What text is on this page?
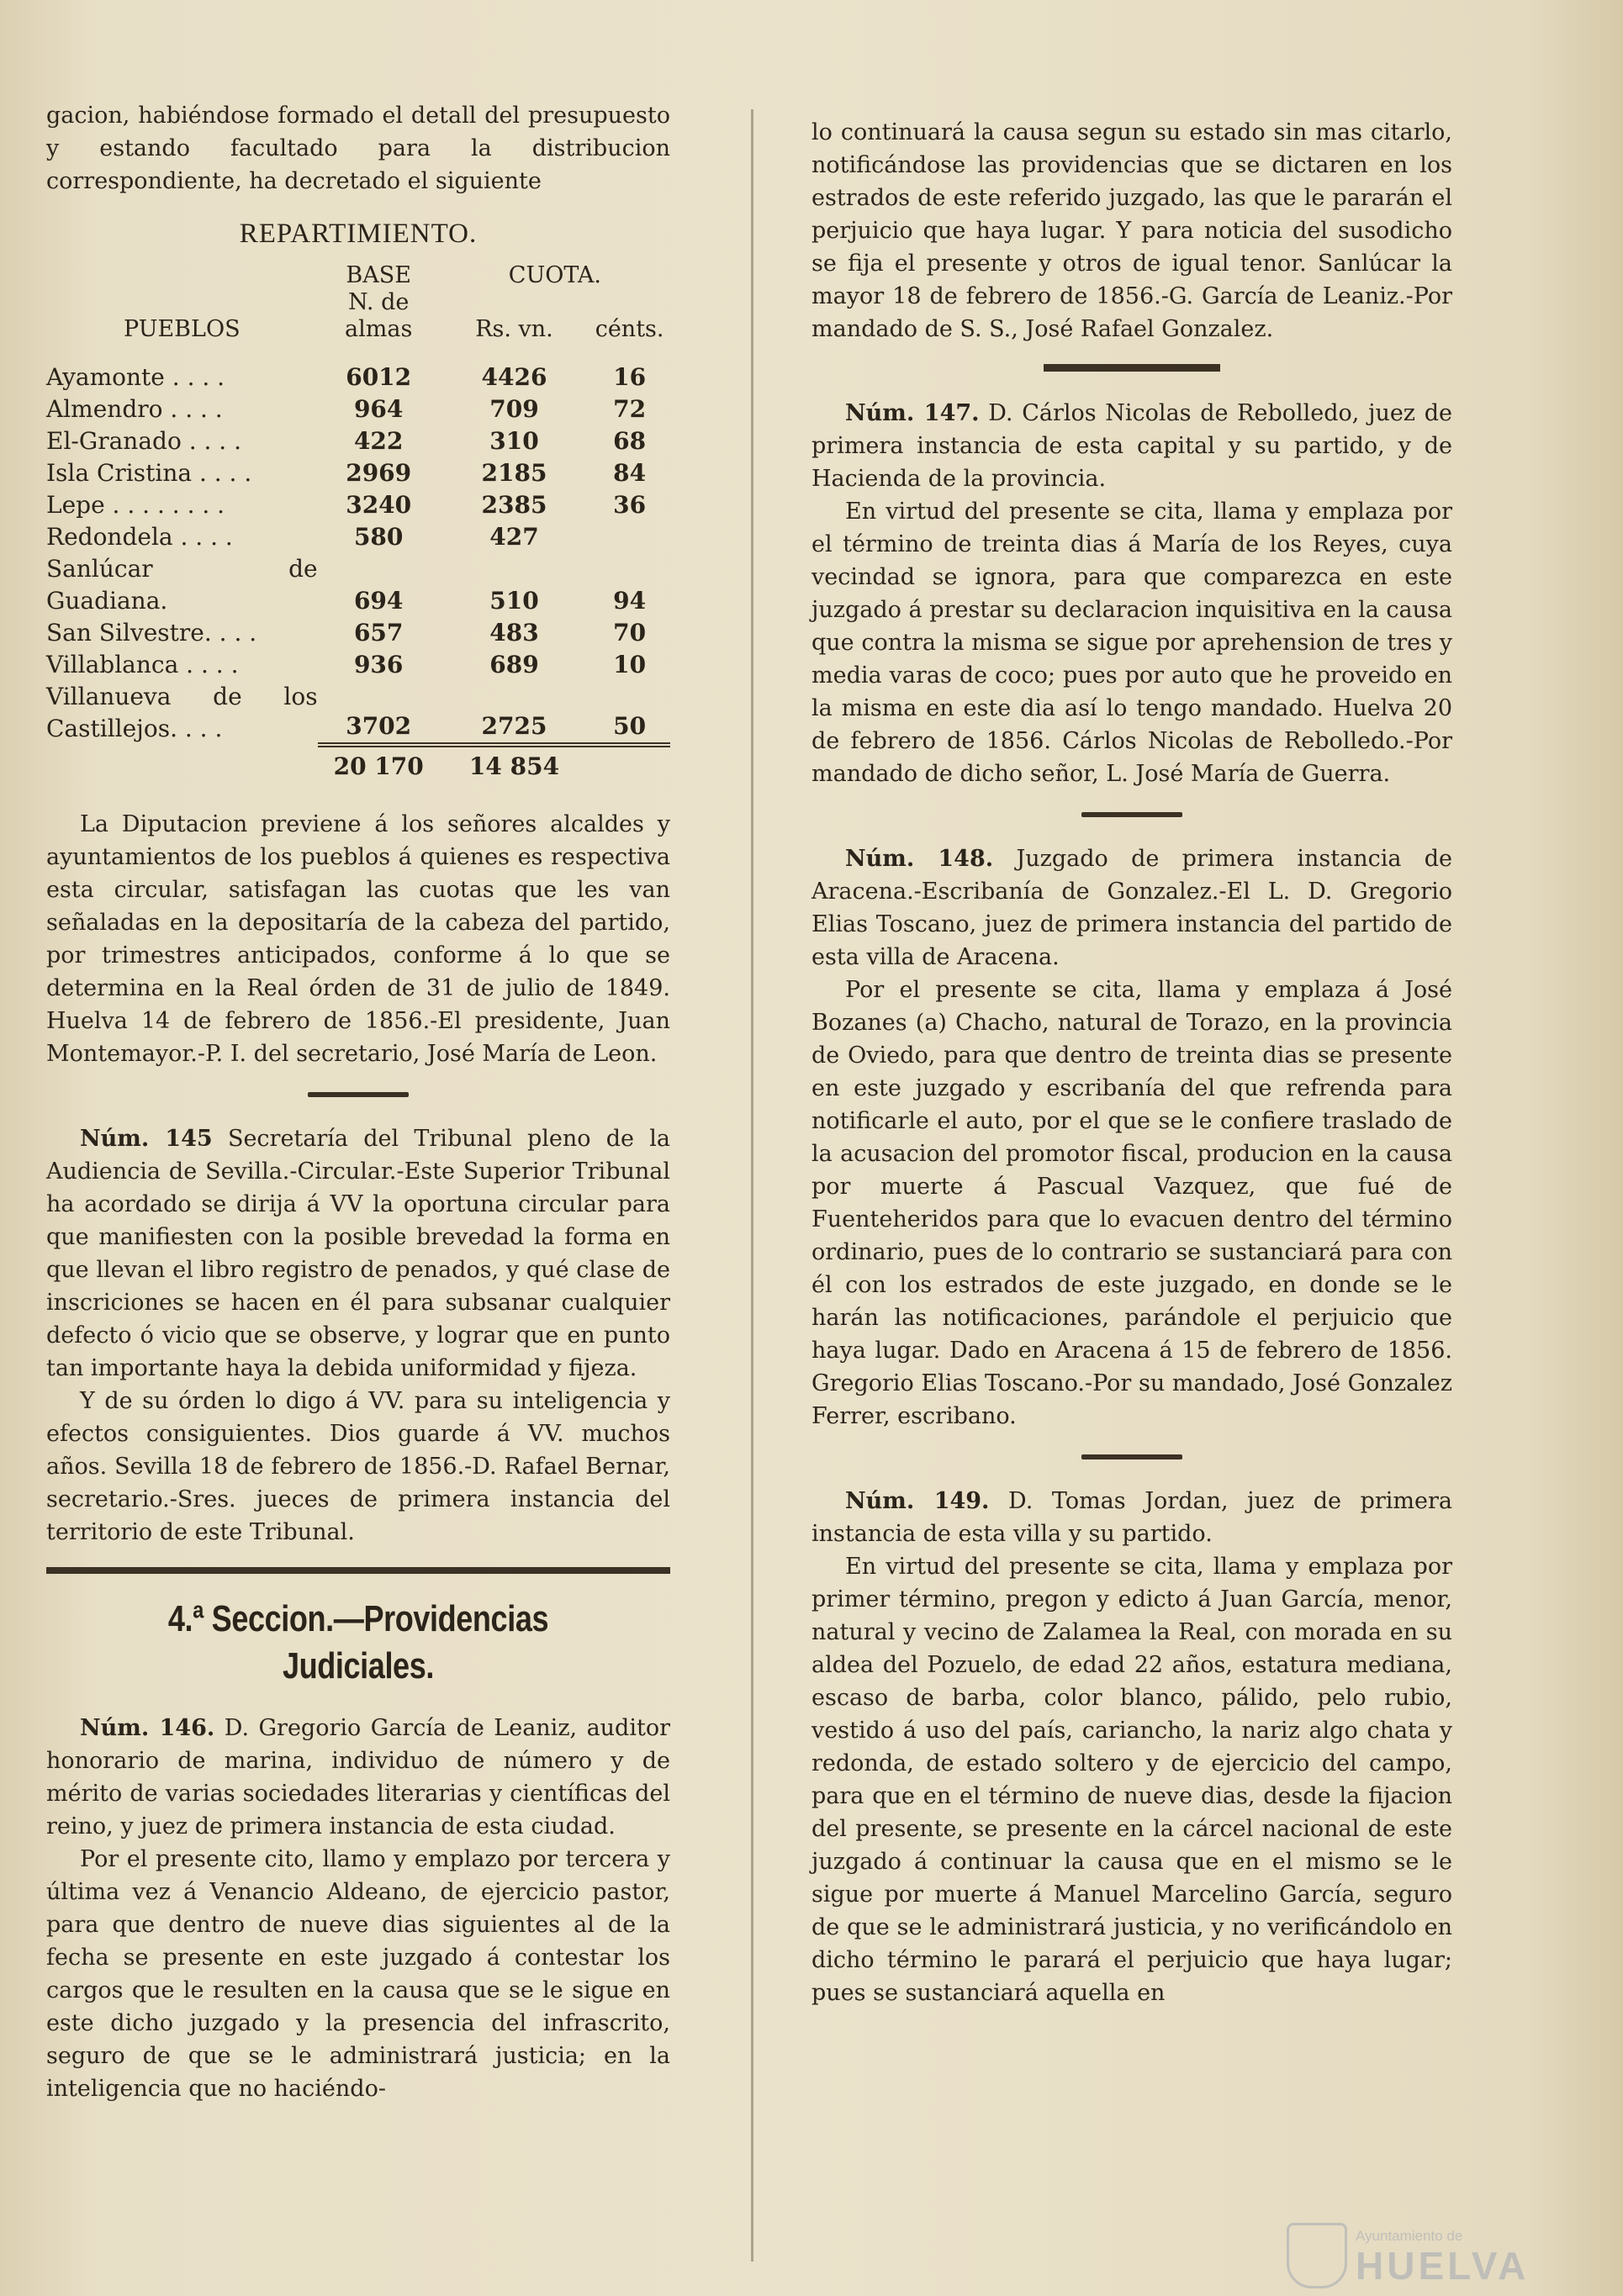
gacion, habiéndose formado el detall del presupuesto y estando facultado para la distribucion correspondiente, ha decretado el siguiente

REPARTIMIENTO.
PUEBLOS	BASE	CUOTA.	
	N. de almas	Rs. vn.	cénts.

Ayamonte . . . .	6012	4426	16
Almendro . . . .	964	709	72
El-Granado . . . .	422	310	68
Isla Cristina . . . .	2969	2185	84
Lepe . . . . . . . .	3240	2385	36
Redondela . . . .	580	427	
Sanlúcar de Guadiana.	694	510	94
San Silvestre. . . .	657	483	70
Villablanca . . . .	936	689	10
Villanueva de los Castillejos. . . .	3702	2725	50
	20 170	14 854	

La Diputacion previene á los señores alcaldes y ayuntamientos de los pueblos á quienes es respectiva esta circular, satisfagan las cuotas que les van señaladas en la depositaría de la cabeza del partido, por trimestres anticipados, conforme á lo que se determina en la Real órden de 31 de julio de 1849. Huelva 14 de febrero de 1856.-El presidente, Juan Montemayor.-P. I. del secretario, José María de Leon.

Núm. 145 Secretaría del Tribunal pleno de la Audiencia de Sevilla.-Circular.-Este Superior Tribunal ha acordado se dirija á VV la oportuna circular para que manifiesten con la posible brevedad la forma en que llevan el libro registro de penados, y qué clase de inscriciones se hacen en él para subsanar cualquier defecto ó vicio que se observe, y lograr que en punto tan importante haya la debida uniformidad y fijeza.

Y de su órden lo digo á VV. para su inteligencia y efectos consiguientes. Dios guarde á VV. muchos años. Sevilla 18 de febrero de 1856.-D. Rafael Bernar, secretario.-Sres. jueces de primera instancia del territorio de este Tribunal.

4.ª Seccion.—Providencias Judiciales.

Núm. 146. D. Gregorio García de Leaniz, auditor honorario de marina, individuo de número y de mérito de varias sociedades literarias y científicas del reino, y juez de primera instancia de esta ciudad.

Por el presente cito, llamo y emplazo por tercera y última vez á Venancio Aldeano, de ejercicio pastor, para que dentro de nueve dias siguientes al de la fecha se presente en este juzgado á contestar los cargos que le resulten en la causa que se le sigue en este dicho juzgado y la presencia del infrascrito, seguro de que se le administrará justicia; en la inteligencia que no haciéndo-

lo continuará la causa segun su estado sin mas citarlo, notificándose las providencias que se dictaren en los estrados de este referido juzgado, las que le pararán el perjuicio que haya lugar. Y para noticia del susodicho se fija el presente y otros de igual tenor. Sanlúcar la mayor 18 de febrero de 1856.-G. García de Leaniz.-Por mandado de S. S., José Rafael Gonzalez.

Núm. 147. D. Cárlos Nicolas de Rebolledo, juez de primera instancia de esta capital y su partido, y de Hacienda de la provincia.

En virtud del presente se cita, llama y emplaza por el término de treinta dias á María de los Reyes, cuya vecindad se ignora, para que comparezca en este juzgado á prestar su declaracion inquisitiva en la causa que contra la misma se sigue por aprehension de tres y media varas de coco; pues por auto que he proveido en la misma en este dia así lo tengo mandado. Huelva 20 de febrero de 1856. Cárlos Nicolas de Rebolledo.-Por mandado de dicho señor, L. José María de Guerra.

Núm. 148. Juzgado de primera instancia de Aracena.-Escribanía de Gonzalez.-El L. D. Gregorio Elias Toscano, juez de primera instancia del partido de esta villa de Aracena.

Por el presente se cita, llama y emplaza á José Bozanes (a) Chacho, natural de Torazo, en la provincia de Oviedo, para que dentro de treinta dias se presente en este juzgado y escribanía del que refrenda para notificarle el auto, por el que se le confiere traslado de la acusacion del promotor fiscal, producion en la causa por muerte á Pascual Vazquez, que fué de Fuenteheridos para que lo evacuen dentro del término ordinario, pues de lo contrario se sustanciará para con él con los estrados de este juzgado, en donde se le harán las notificaciones, parándole el perjuicio que haya lugar. Dado en Aracena á 15 de febrero de 1856. Gregorio Elias Toscano.-Por su mandado, José Gonzalez Ferrer, escribano.

Núm. 149. D. Tomas Jordan, juez de primera instancia de esta villa y su partido.

En virtud del presente se cita, llama y emplaza por primer término, pregon y edicto á Juan García, menor, natural y vecino de Zalamea la Real, con morada en su aldea del Pozuelo, de edad 22 años, estatura mediana, escaso de barba, color blanco, pálido, pelo rubio, vestido á uso del país, cariancho, la nariz algo chata y redonda, de estado soltero y de ejercicio del campo, para que en el término de nueve dias, desde la fijacion del presente, se presente en la cárcel nacional de este juzgado á continuar la causa que en el mismo se le sigue por muerte á Manuel Marcelino García, seguro de que se le administrará justicia, y no verificándolo en dicho término le parará el perjuicio que haya lugar; pues se sustanciará aquella en

Ayuntamiento de
HUELVA
